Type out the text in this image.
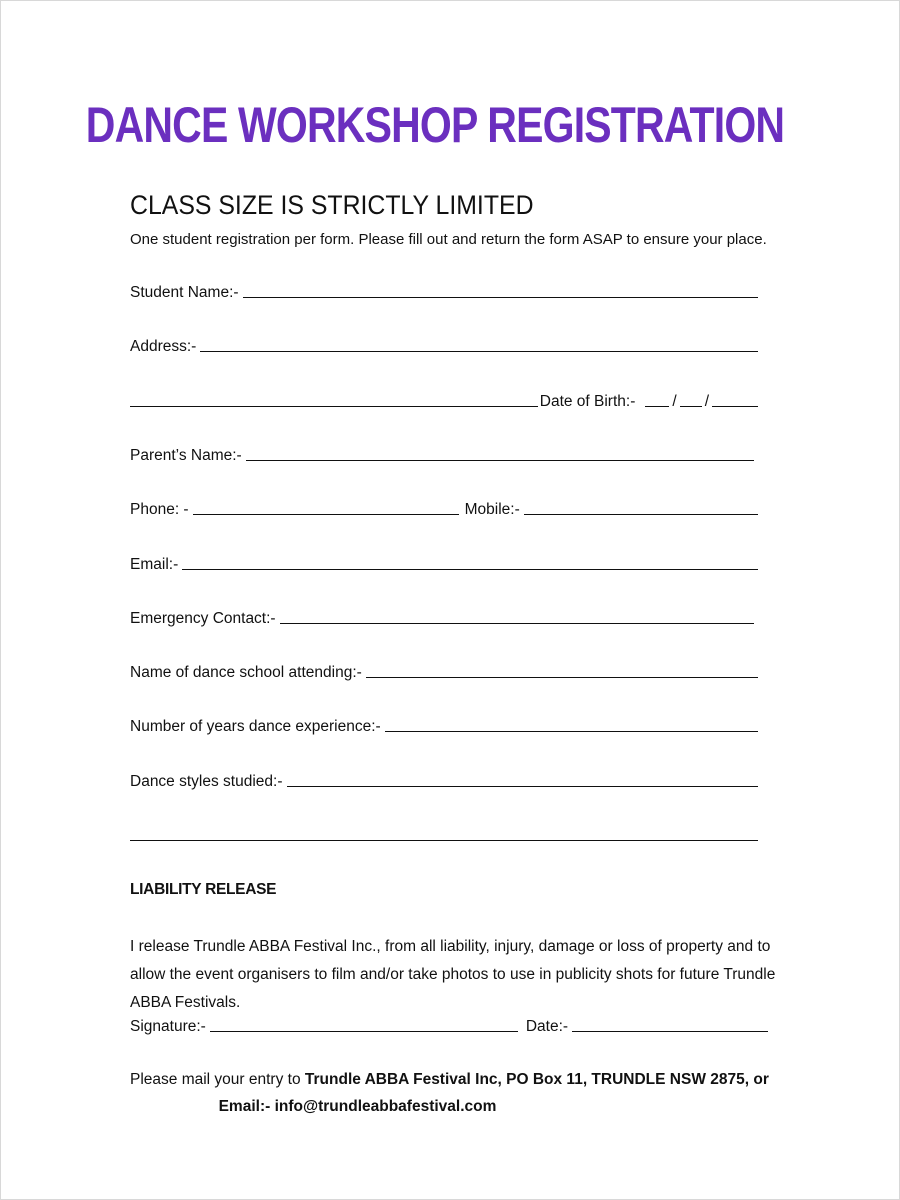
DANCE WORKSHOP REGISTRATION
CLASS SIZE IS STRICTLY LIMITED
One student registration per form. Please fill out and return the form ASAP to ensure your place.
Student Name:-
Address:-
Date of Birth:- / /
Parent’s Name:-
Phone: -	Mobile:-
Email:-
Emergency Contact:-
Name of dance school attending:-
Number of years dance experience:-
Dance styles studied:-
LIABILITY RELEASE
I release Trundle ABBA Festival Inc., from all liability, injury, damage or loss of property and to allow the event organisers to film and/or take photos to use in publicity shots for future Trundle ABBA Festivals.
Signature:-	Date:-
Please mail your entry to Trundle ABBA Festival Inc, PO Box 11, TRUNDLE NSW 2875, or
Email:- info@trundleabbafestival.com
